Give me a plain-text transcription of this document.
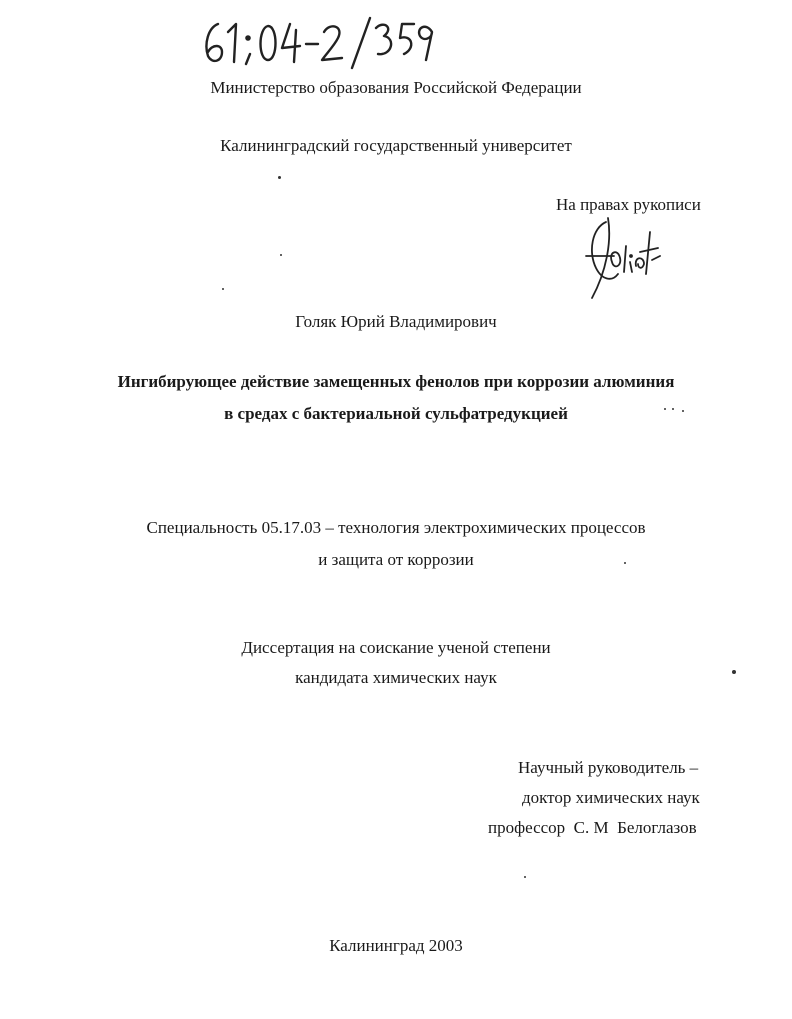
Министерство образования Российской Федерации
Калининградский государственный университет
На правах рукописи
Голяк Юрий Владимирович
Ингибирующее действие замещенных фенолов при коррозии алюминия
в средах с бактериальной сульфатредукцией
Специальность 05.17.03 – технология электрохимических процессов
и защита от коррозии
Диссертация на соискание ученой степени
кандидата химических наук
Научный руководитель –
доктор химических наук
профессор  С. М  Белоглазов
Калининград 2003
